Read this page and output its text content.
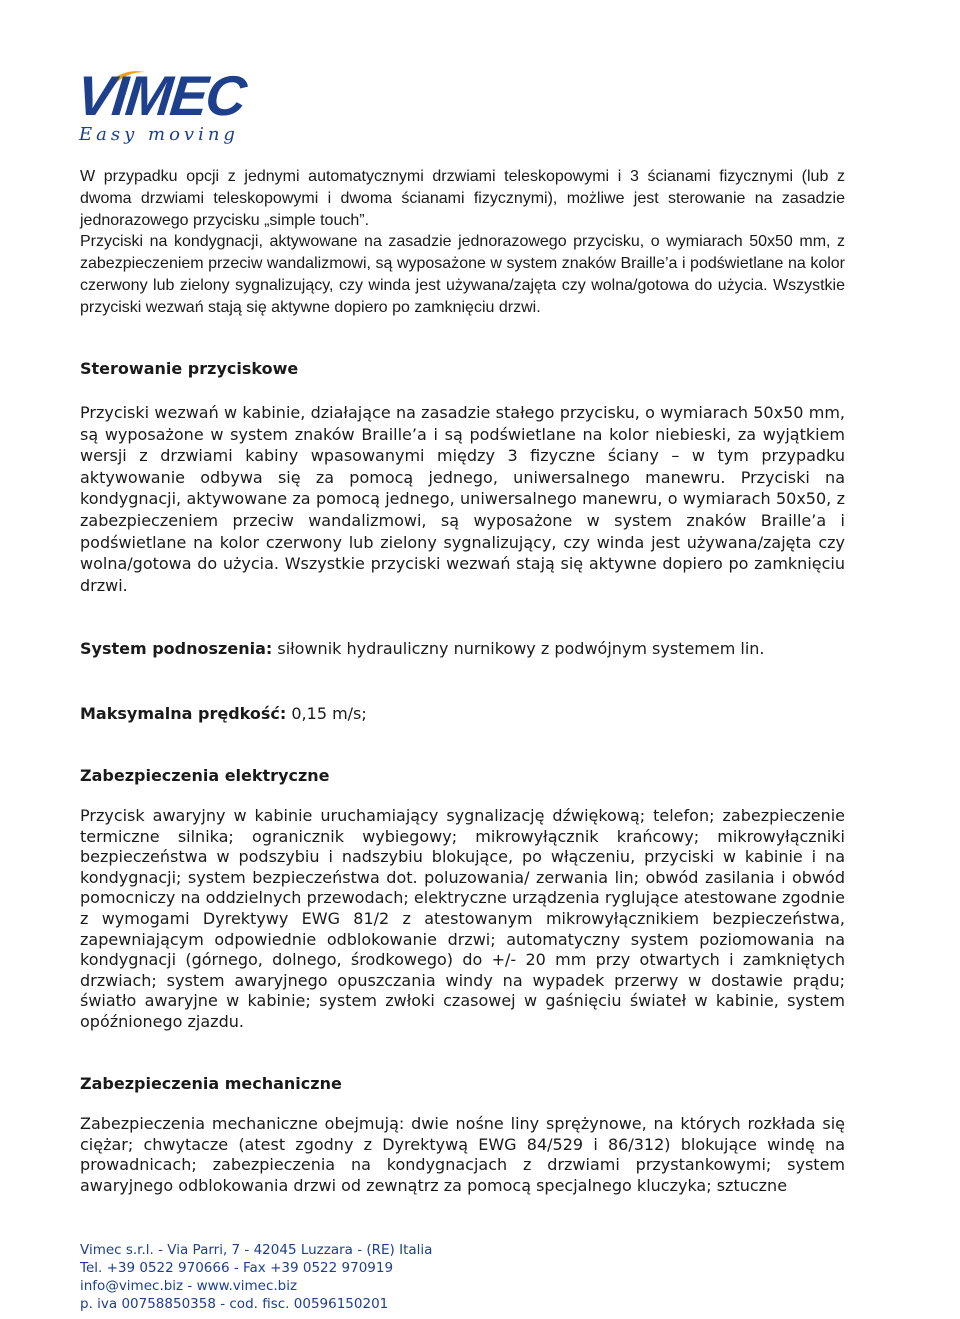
VIMEC
Easy moving

W przypadku opcji z jednymi automatycznymi drzwiami teleskopowymi i 3 ścianami fizycznymi (lub z dwoma drzwiami teleskopowymi i dwoma ścianami fizycznymi), możliwe jest sterowanie na zasadzie jednorazowego przycisku „simple touch”.

Przyciski na kondygnacji, aktywowane na zasadzie jednorazowego przycisku, o wymiarach 50x50 mm, z zabezpieczeniem przeciw wandalizmowi, są wyposażone w system znaków Braille’a i podświetlane na kolor czerwony lub zielony sygnalizujący, czy winda jest używana/zajęta czy wolna/gotowa do użycia. Wszystkie przyciski wezwań stają się aktywne dopiero po zamknięciu drzwi.

Sterowanie przyciskowe

Przyciski wezwań w kabinie, działające na zasadzie stałego przycisku, o wymiarach 50x50 mm, są wyposażone w system znaków Braille’a i są podświetlane na kolor niebieski, za wyjątkiem wersji z drzwiami kabiny wpasowanymi między 3 fizyczne ściany – w tym przypadku aktywowanie odbywa się za pomocą jednego, uniwersalnego manewru. Przyciski na kondygnacji, aktywowane za pomocą jednego, uniwersalnego manewru, o wymiarach 50x50, z zabezpieczeniem przeciw wandalizmowi, są wyposażone w system znaków Braille’a i podświetlane na kolor czerwony lub zielony sygnalizujący, czy winda jest używana/zajęta czy wolna/gotowa do użycia. Wszystkie przyciski wezwań stają się aktywne dopiero po zamknięciu drzwi.

System podnoszenia: siłownik hydrauliczny nurnikowy z podwójnym systemem lin.

Maksymalna prędkość: 0,15 m/s;

Zabezpieczenia elektryczne

Przycisk awaryjny w kabinie uruchamiający sygnalizację dźwiękową; telefon; zabezpieczenie termiczne silnika; ogranicznik wybiegowy; mikrowyłącznik krańcowy; mikrowyłączniki bezpieczeństwa w podszybiu i nadszybiu blokujące, po włączeniu, przyciski w kabinie i na kondygnacji; system bezpieczeństwa dot. poluzowania/ zerwania lin; obwód zasilania i obwód pomocniczy na oddzielnych przewodach; elektryczne urządzenia ryglujące atestowane zgodnie z wymogami Dyrektywy EWG 81/2 z atestowanym mikrowyłącznikiem bezpieczeństwa, zapewniającym odpowiednie odblokowanie drzwi; automatyczny system poziomowania na kondygnacji (górnego, dolnego, środkowego) do +/- 20 mm przy otwartych i zamkniętych drzwiach; system awaryjnego opuszczania windy na wypadek przerwy w dostawie prądu; światło awaryjne w kabinie; system zwłoki czasowej w gaśnięciu świateł w kabinie, system opóźnionego zjazdu.

Zabezpieczenia mechaniczne

Zabezpieczenia mechaniczne obejmują: dwie nośne liny sprężynowe, na których rozkłada się ciężar; chwytacze (atest zgodny z Dyrektywą EWG 84/529 i 86/312) blokujące windę na prowadnicach; zabezpieczenia na kondygnacjach z drzwiami przystankowymi; system awaryjnego odblokowania drzwi od zewnątrz za pomocą specjalnego kluczyka; sztuczne

Vimec s.r.l. - Via Parri, 7 - 42045 Luzzara - (RE) Italia
Tel. +39 0522 970666 - Fax +39 0522 970919
info@vimec.biz - www.vimec.biz
p. iva 00758850358 - cod. fisc. 00596150201
